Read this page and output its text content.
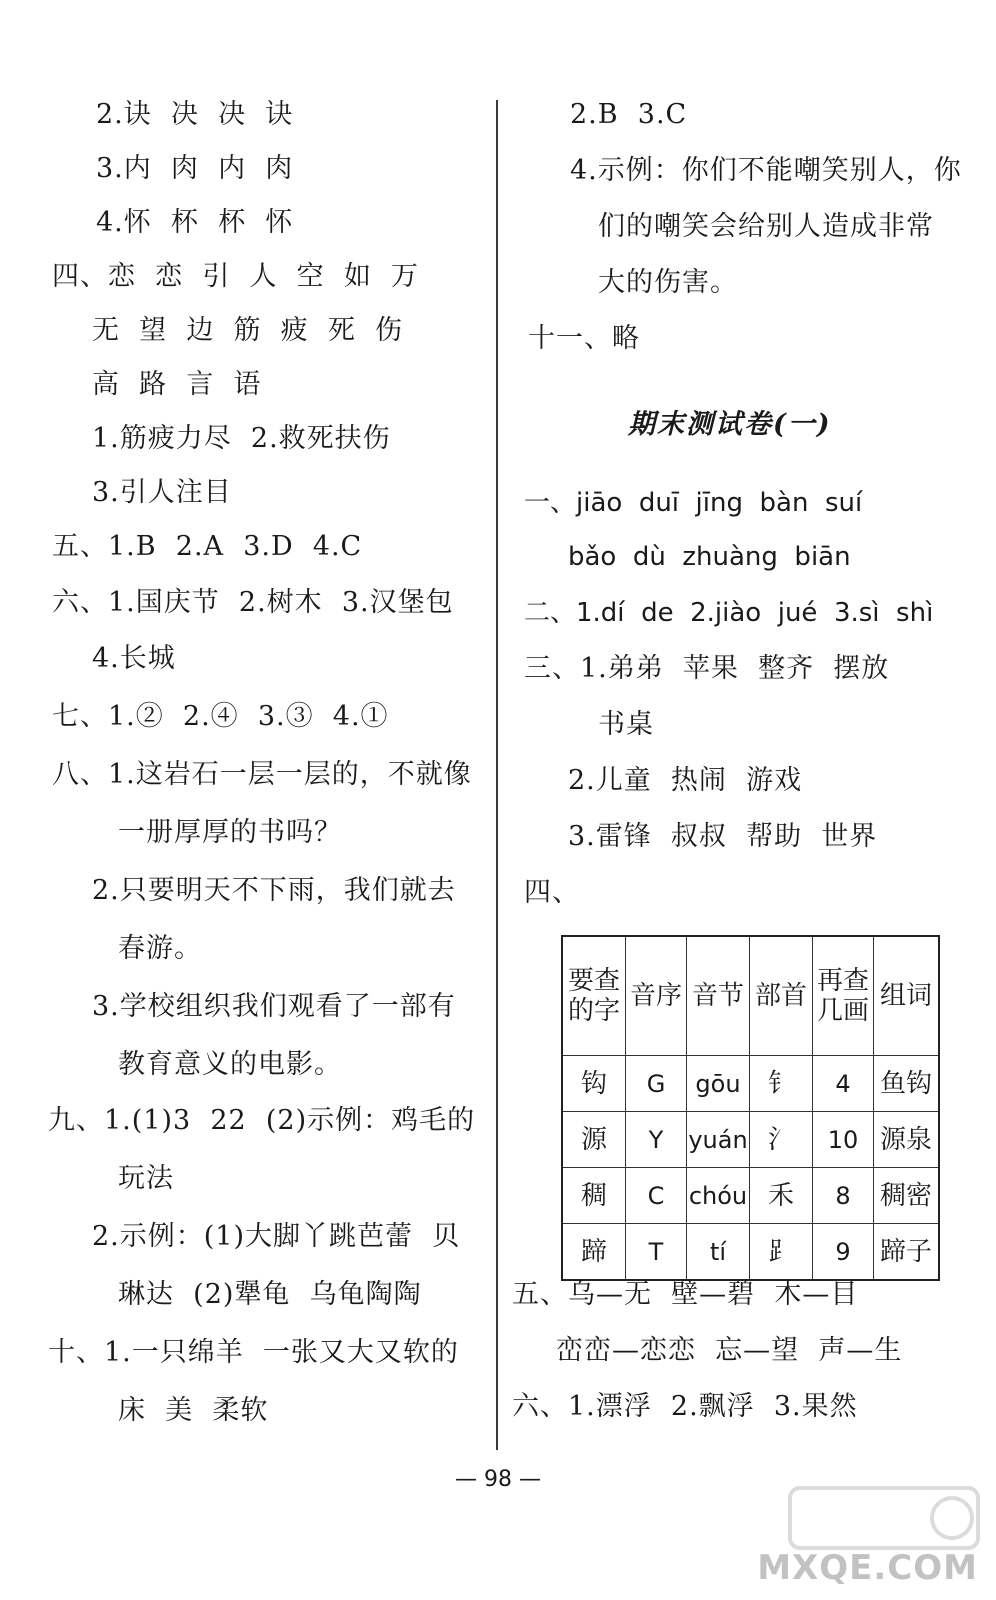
2.诀  决  决  诀
3.内  肉  内  肉
4.怀  杯  杯  怀
四、恋  恋  引  人  空  如  万
无  望  边  筋  疲  死  伤
高  路  言  语
1.筋疲力尽  2.救死扶伤
3.引人注目
五、1.B  2.A  3.D  4.C
六、1.国庆节  2.树木  3.汉堡包
4.长城
七、1.②  2.④  3.③  4.①
八、1.这岩石一层一层的，不就像
一册厚厚的书吗？
2.只要明天不下雨，我们就去
春游。
3.学校组织我们观看了一部有
教育意义的电影。
九、1.(1)3  22  (2)示例：鸡毛的
玩法
2.示例：(1)大脚丫跳芭蕾  贝
琳达  (2)犟龟  乌龟陶陶
十、1.一只绵羊  一张又大又软的
床  美  柔软
2.B  3.C
4.示例：你们不能嘲笑别人，你
们的嘲笑会给别人造成非常
大的伤害。
十一、略
期末测试卷(一)
一、jiāo  duī  jīng  bàn  suí
bǎo  dù  zhuàng  biān
二、1.dí  de  2.jiào  jué  3.sì  shì
三、1.弟弟  苹果  整齐  摆放
书桌
2.儿童  热闹  游戏
3.雷锋  叔叔  帮助  世界
四、
要查的字	音序	音节	部首	再查几画	组词
钩	G	gōu	钅	4	鱼钩
源	Y	yuán	氵	10	源泉
稠	C	chóu	禾	8	稠密
蹄	T	tí	⻊	9	蹄子
五、乌—无  壁—碧  木—目
峦峦—恋恋  忘—望  声—生
六、1.漂浮  2.飘浮  3.果然
— 98 —
MXQE.COM
